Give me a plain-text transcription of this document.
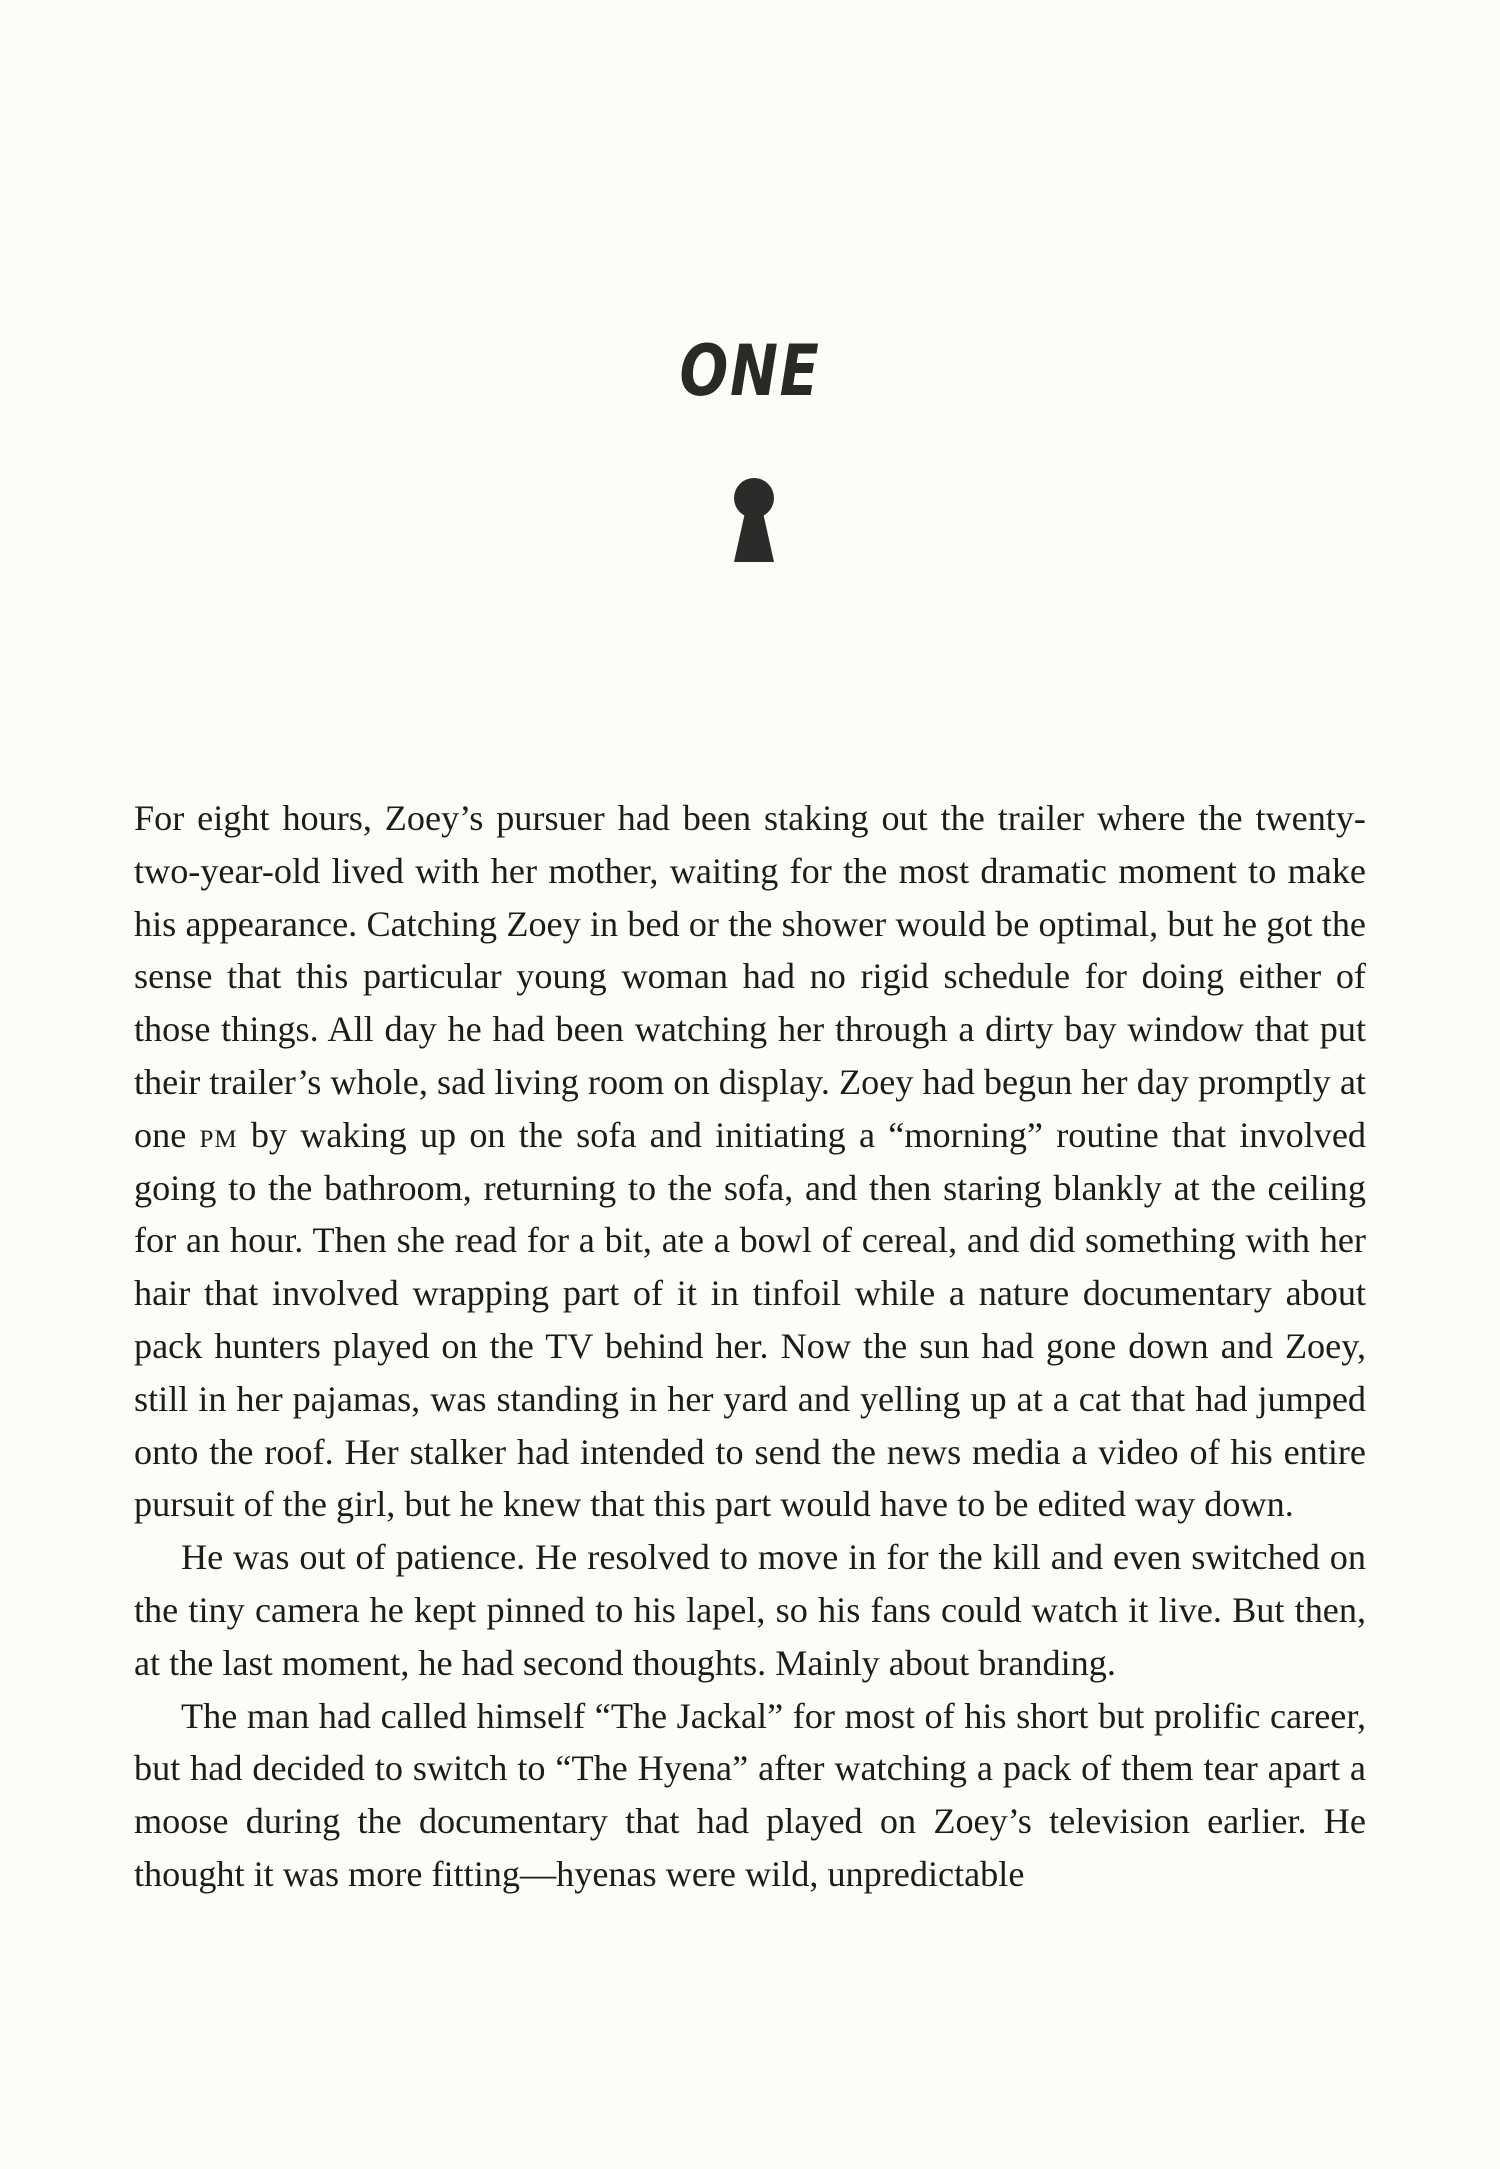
ONE

For eight hours, Zoey’s pursuer had been staking out the trailer where the twenty-two-year-old lived with her mother, waiting for the most dramatic moment to make his appearance. Catching Zoey in bed or the shower would be optimal, but he got the sense that this particular young woman had no rigid schedule for doing either of those things. All day he had been watching her through a dirty bay window that put their trailer’s whole, sad living room on display. Zoey had begun her day promptly at one pm by waking up on the sofa and initiating a “morning” routine that involved going to the bathroom, returning to the sofa, and then staring blankly at the ceiling for an hour. Then she read for a bit, ate a bowl of cereal, and did something with her hair that involved wrapping part of it in tinfoil while a nature documentary about pack hunters played on the TV behind her. Now the sun had gone down and Zoey, still in her pajamas, was standing in her yard and yelling up at a cat that had jumped onto the roof. Her stalker had intended to send the news media a video of his entire pursuit of the girl, but he knew that this part would have to be edited way down.

He was out of patience. He resolved to move in for the kill and even switched on the tiny camera he kept pinned to his lapel, so his fans could watch it live. But then, at the last moment, he had second thoughts. Mainly about branding.

The man had called himself “The Jackal” for most of his short but prolific career, but had decided to switch to “The Hyena” after watching a pack of them tear apart a moose during the documentary that had played on Zoey’s television earlier. He thought it was more fitting—hyenas were wild, unpredictable
